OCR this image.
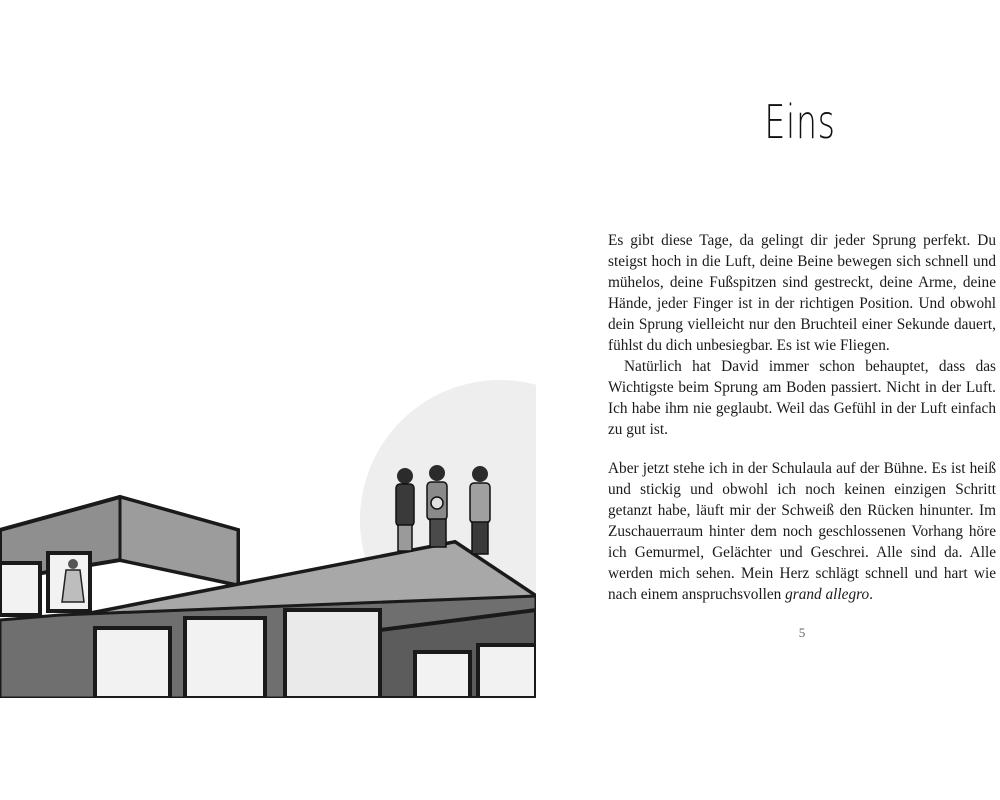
Eins

Es gibt diese Tage, da gelingt dir jeder Sprung perfekt. Du steigst hoch in die Luft, deine Beine bewegen sich schnell und mühelos, deine Fußspitzen sind gestreckt, deine Arme, deine Hände, jeder Finger ist in der richtigen Position. Und obwohl dein Sprung vielleicht nur den Bruchteil einer Sekunde dauert, fühlst du dich unbesiegbar. Es ist wie Fliegen.

Natürlich hat David immer schon behauptet, dass das Wichtigste beim Sprung am Boden passiert. Nicht in der Luft. Ich habe ihm nie geglaubt. Weil das Gefühl in der Luft einfach zu gut ist.

Aber jetzt stehe ich in der Schulaula auf der Bühne. Es ist heiß und stickig und obwohl ich noch keinen einzigen Schritt getanzt habe, läuft mir der Schweiß den Rücken hinunter. Im Zuschauerraum hinter dem noch geschlossenen Vorhang höre ich Gemurmel, Gelächter und Geschrei. Alle sind da. Alle werden mich sehen. Mein Herz schlägt schnell und hart wie nach einem anspruchsvollen grand allegro.

5
